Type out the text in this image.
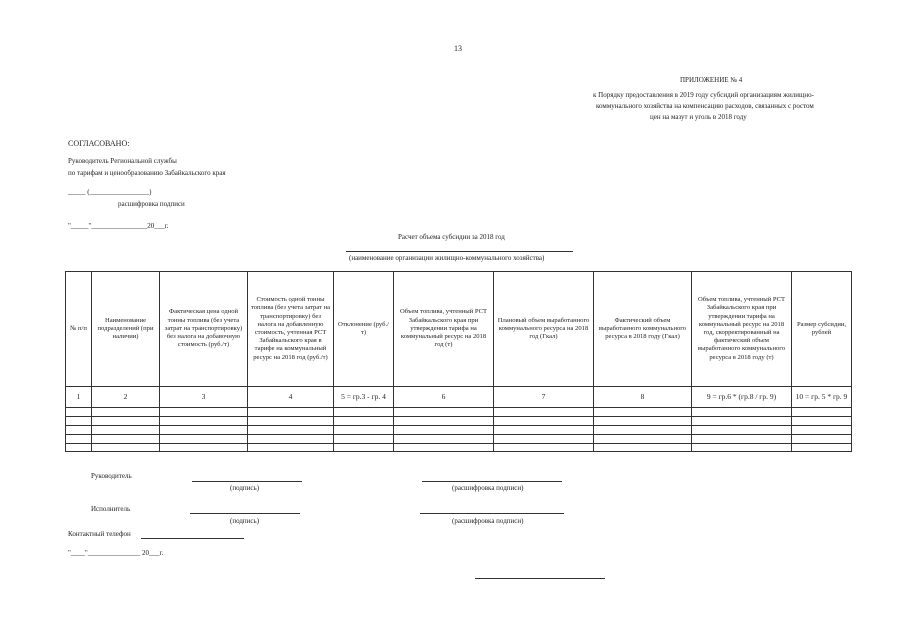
13
ПРИЛОЖЕНИЕ № 4
к Порядку предоставления в 2019 году субсидий организациям жилищно-
коммунального хозяйства на компенсацию расходов, связанных с ростом
цен на мазут и уголь в 2018 году
СОГЛАСОВАНО:
Руководитель Региональной службы
по тарифам и ценообразованию Забайкальского края
_____ (_________________)
расшифровка подписи
"_____"________________20___г.
Расчет объема субсидии за 2018 год
(наименование организации жилищно-коммунального хозяйства)
№ п/п	Наименование подразделений (при наличии)	Фактическая цена одной тонны топлива (без учета затрат на транспортировку) без налога на добавочную стоимость (руб./т)	Стоимость одной тонны топлива (без учета затрат на транспортировку) без налога на добавленную стоимость, учтенная РСТ Забайкальского края в тарифе на коммунальный ресурс на 2018 год (руб./т)	Отклонение (руб./т)	Объем топлива, учтенный РСТ Забайкальского края при утверждении тарифа на коммунальный ресурс на 2018 год (т)	Плановый объем выработанного коммунального ресурса на 2018 год (Гкал)	Фактический объем выработанного коммунального ресурса в 2018 году (Гкал)	Объем топлива, учтенный РСТ Забайкальского края при утверждении тарифа на коммунальный ресурс на 2018 год, скорректированный на фактический объем выработанного коммунального ресурса в 2018 году (т)	Размер субсидии, рублей
1	2	3	4	5 = гр.3 - гр. 4	6	7	8	9 = гр.6 * (гр.8 / гр. 9)	10 = гр. 5 * гр. 9

Руководитель
(подпись)	(расшифровка подписи)
Исполнитель
(подпись)	(расшифровка подписи)
Контактный телефон
"____"_______________ 20___г.
